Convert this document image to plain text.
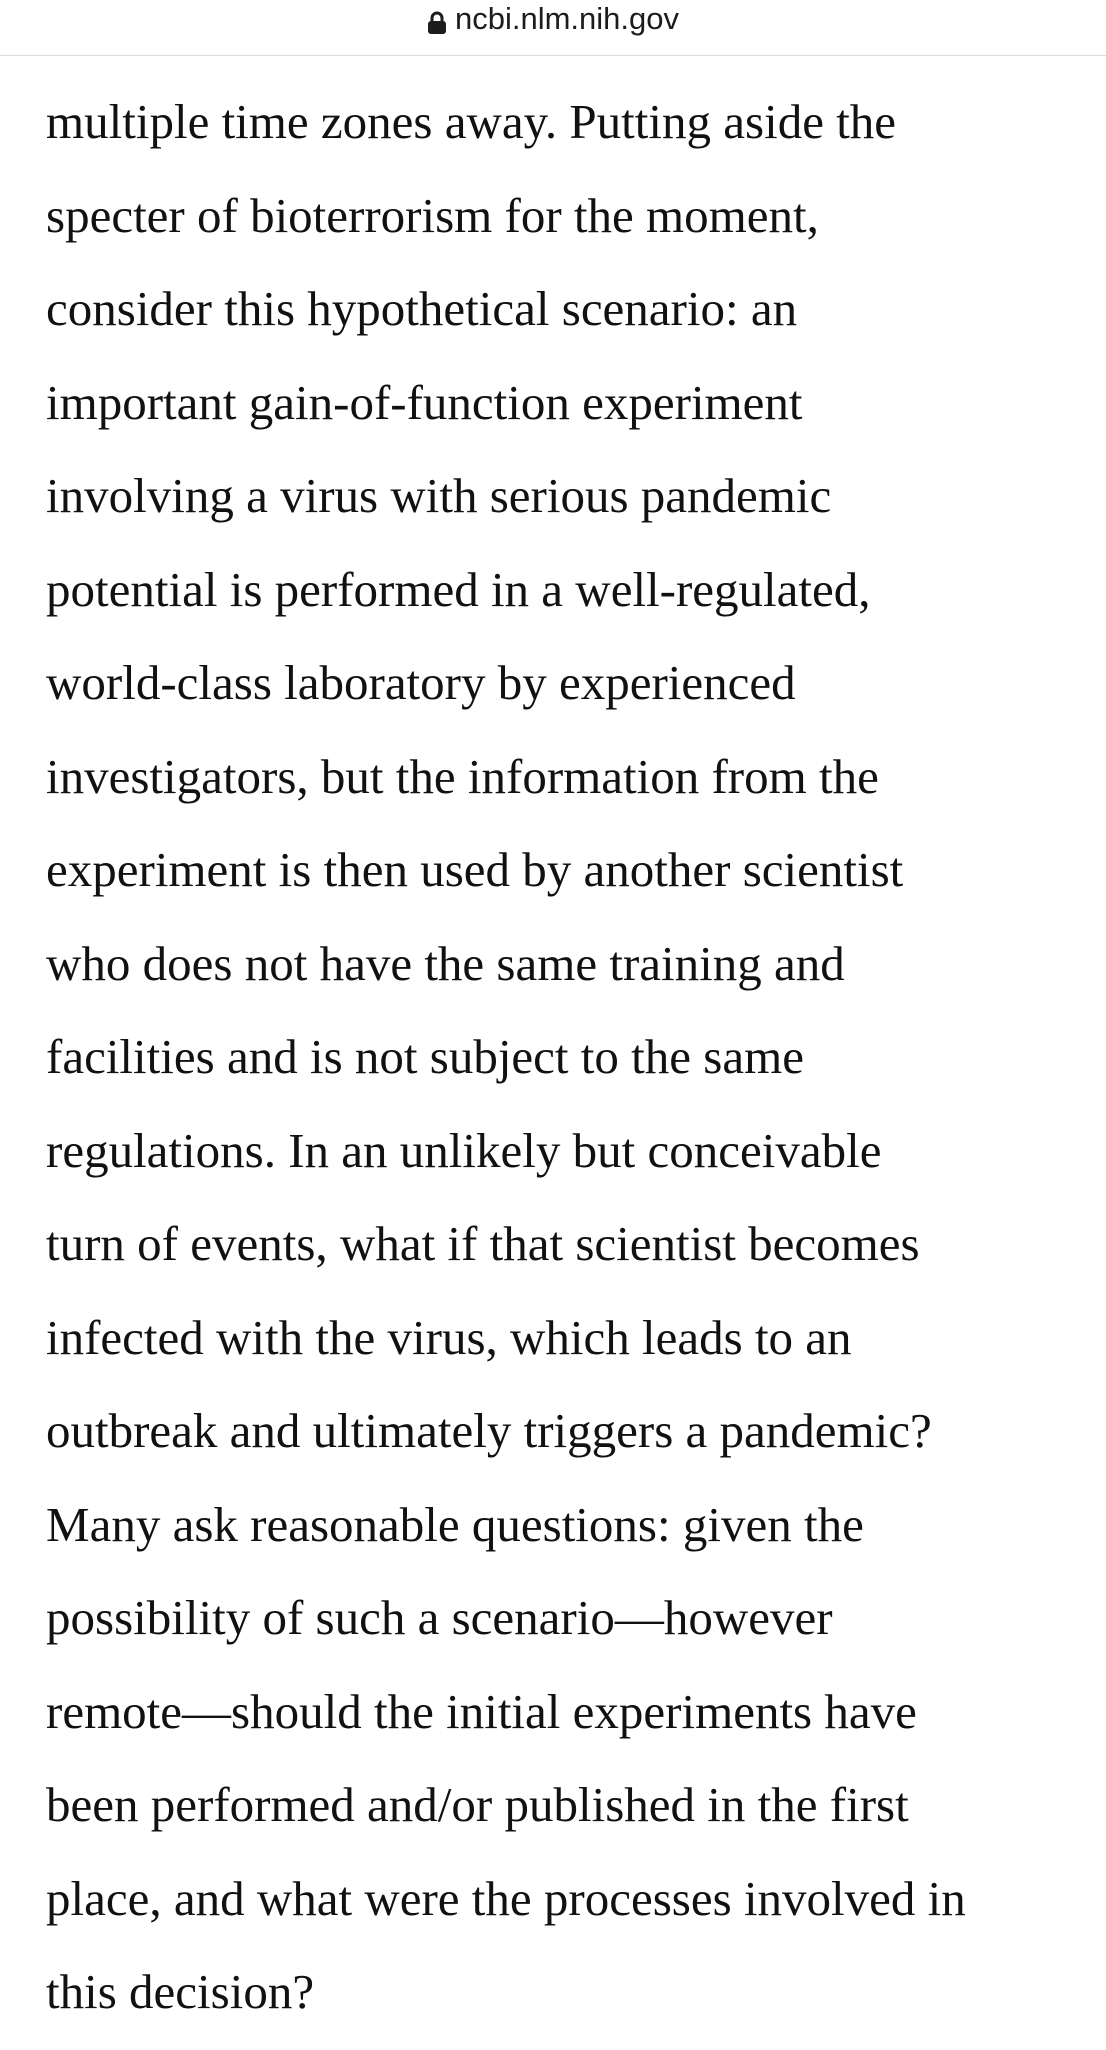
ncbi.nlm.nih.gov
multiple time zones away. Putting aside the
specter of bioterrorism for the moment,
consider this hypothetical scenario: an
important gain-of-function experiment
involving a virus with serious pandemic
potential is performed in a well-regulated,
world-class laboratory by experienced
investigators, but the information from the
experiment is then used by another scientist
who does not have the same training and
facilities and is not subject to the same
regulations. In an unlikely but conceivable
turn of events, what if that scientist becomes
infected with the virus, which leads to an
outbreak and ultimately triggers a pandemic?
Many ask reasonable questions: given the
possibility of such a scenario—however
remote—should the initial experiments have
been performed and/or published in the first
place, and what were the processes involved in
this decision?
